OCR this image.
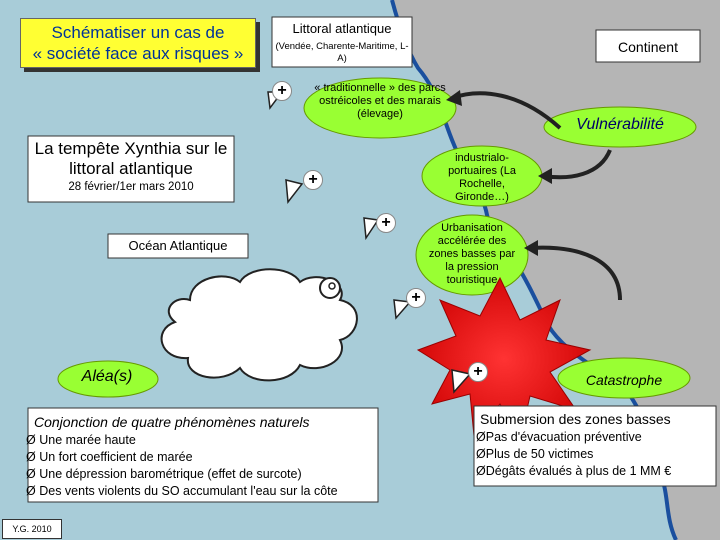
Schématiser un cas de
« société face aux risques »
Littoral atlantique
(Vendée, Charente-Maritime, L-A)
Continent
Vulnérabilité
« traditionnelle » des parcs ostréicoles et des marais (élevage)
industrialo-portuaires (La Rochelle, Gironde…)
Urbanisation accélérée des zones basses par la pression touristique
La tempête Xynthia sur le littoral atlantique
28 février/1er mars 2010
Océan Atlantique
Aléa(s)	Catastrophe
+
+
+
+
+
Conjonction de quatre phénomènes naturels
Ø Une marée haute
Ø Un fort coefficient de marée
Ø Une dépression barométrique (effet de surcote)
Ø Des vents violents du SO accumulant l'eau sur la côte
Submersion des zones basses
ØPas d'évacuation préventive
ØPlus de 50 victimes
ØDégâts évalués à plus de 1 MM €
Y.G. 2010
